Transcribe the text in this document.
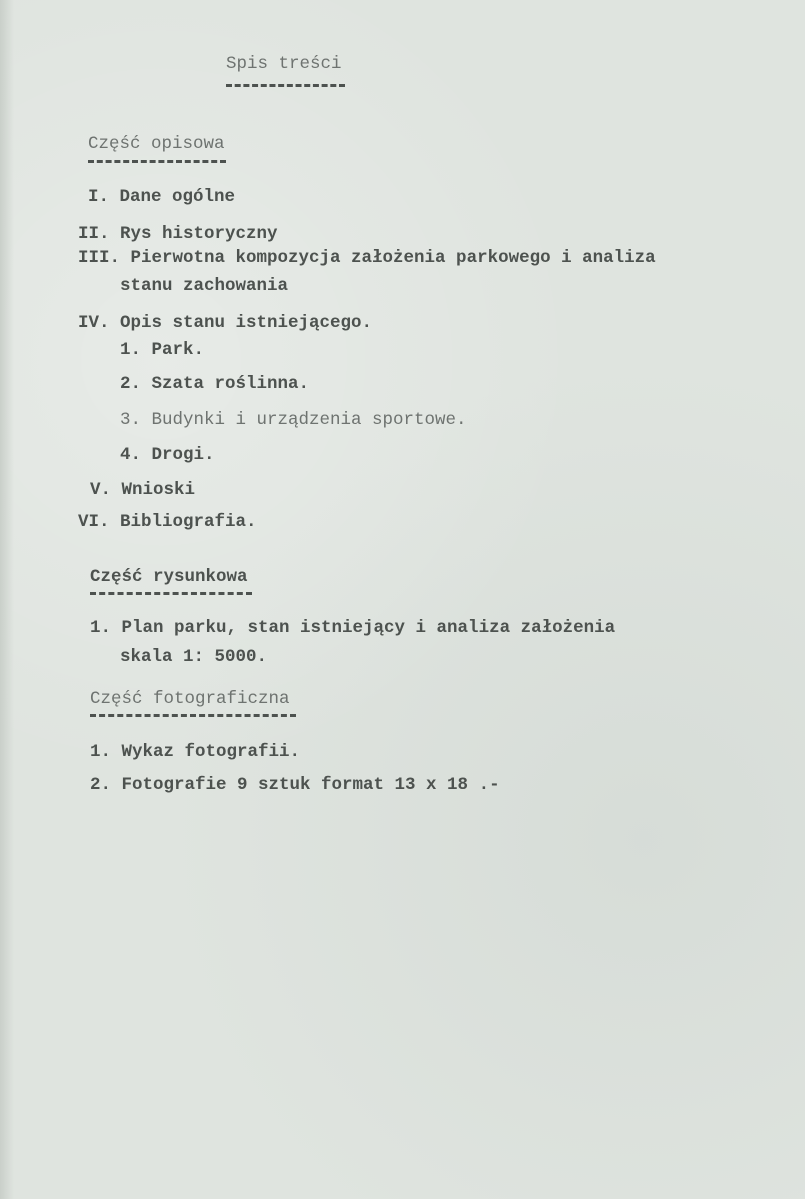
Spis treści
Część opisowa
I. Dane ogólne
II. Rys historyczny
III. Pierwotna kompozycja założenia parkowego i analiza
stanu zachowania
IV. Opis stanu istniejącego.
1. Park.
2. Szata roślinna.
3. Budynki i urządzenia sportowe.
4. Drogi.
V. Wnioski
VI. Bibliografia.
Część rysunkowa
1. Plan parku, stan istniejący i analiza założenia
skala 1: 5000.
Część fotograficzna
1. Wykaz fotografii.
2. Fotografie 9 sztuk format 13 x 18 .-
